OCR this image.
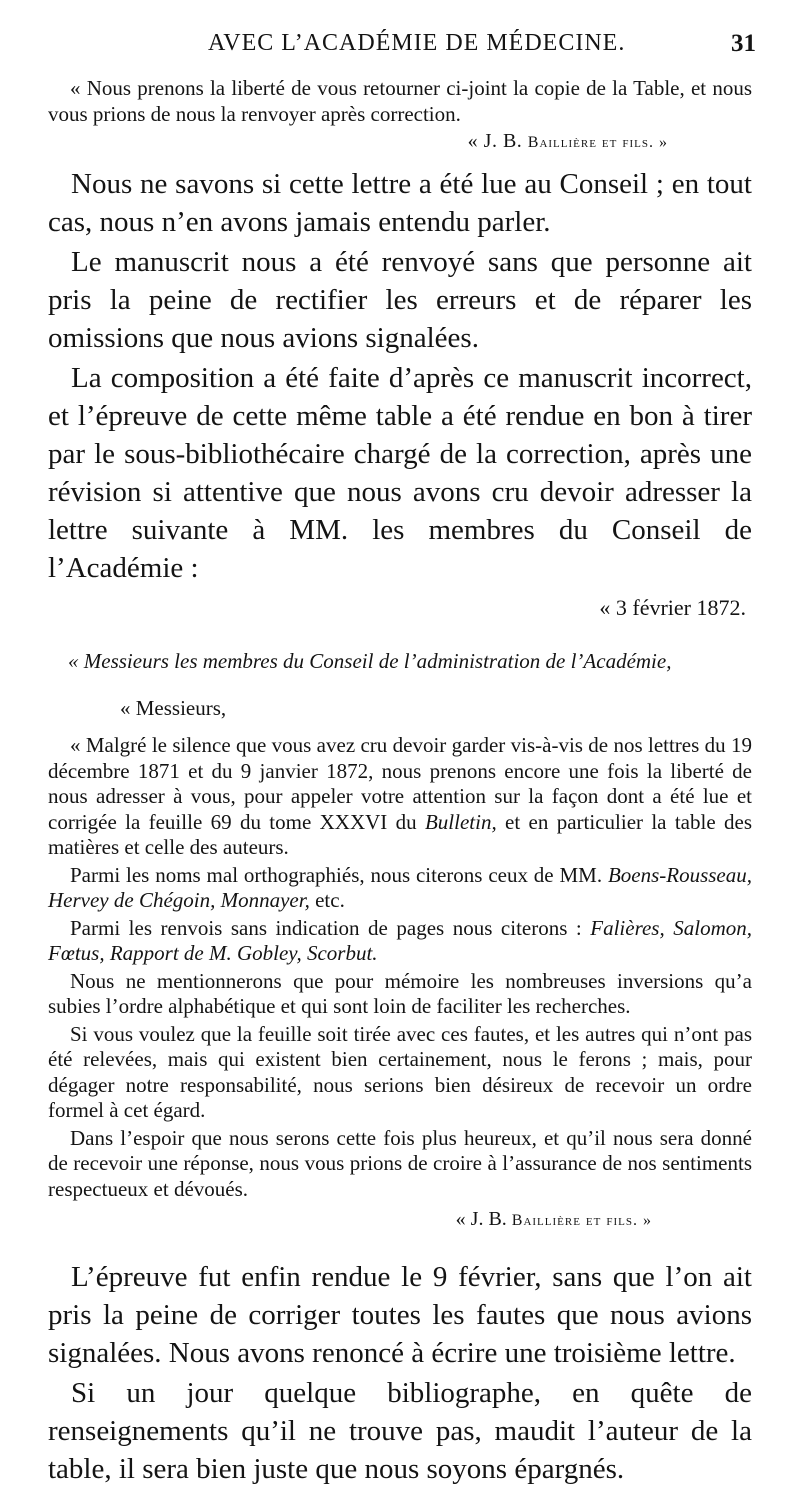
AVEC L’ACADÉMIE DE MÉDECINE.	31

« Nous prenons la liberté de vous retourner ci-joint la copie de la Table, et nous vous prions de nous la renvoyer après correction.

« J. B. Baillière et fils. »

Nous ne savons si cette lettre a été lue au Conseil ; en tout cas, nous n’en avons jamais entendu parler.

Le manuscrit nous a été renvoyé sans que personne ait pris la peine de rectifier les erreurs et de réparer les omissions que nous avions signalées.

La composition a été faite d’après ce manuscrit incorrect, et l’épreuve de cette même table a été rendue en bon à tirer par le sous-bibliothécaire chargé de la correction, après une révision si attentive que nous avons cru devoir adresser la lettre suivante à MM. les membres du Conseil de l’Académie :

« 3 février 1872.

« Messieurs les membres du Conseil de l’administration de l’Académie,

« Messieurs,

« Malgré le silence que vous avez cru devoir garder vis-à-vis de nos lettres du 19 décembre 1871 et du 9 janvier 1872, nous prenons encore une fois la liberté de nous adresser à vous, pour appeler votre attention sur la façon dont a été lue et corrigée la feuille 69 du tome XXXVI du Bulletin, et en particulier la table des matières et celle des auteurs.

Parmi les noms mal orthographiés, nous citerons ceux de MM. Boens-Rousseau, Hervey de Chégoin, Monnayer, etc.

Parmi les renvois sans indication de pages nous citerons : Falières, Salomon, Fœtus, Rapport de M. Gobley, Scorbut.

Nous ne mentionnerons que pour mémoire les nombreuses inversions qu’a subies l’ordre alphabétique et qui sont loin de faciliter les recherches.

Si vous voulez que la feuille soit tirée avec ces fautes, et les autres qui n’ont pas été relevées, mais qui existent bien certainement, nous le ferons ; mais, pour dégager notre responsabilité, nous serions bien désireux de recevoir un ordre formel à cet égard.

Dans l’espoir que nous serons cette fois plus heureux, et qu’il nous sera donné de recevoir une réponse, nous vous prions de croire à l’assurance de nos sentiments respectueux et dévoués.

« J. B. Baillière et fils. »

L’épreuve fut enfin rendue le 9 février, sans que l’on ait pris la peine de corriger toutes les fautes que nous avions signalées. Nous avons renoncé à écrire une troisième lettre.

Si un jour quelque bibliographe, en quête de renseignements qu’il ne trouve pas, maudit l’auteur de la table, il sera bien juste que nous soyons épargnés.
